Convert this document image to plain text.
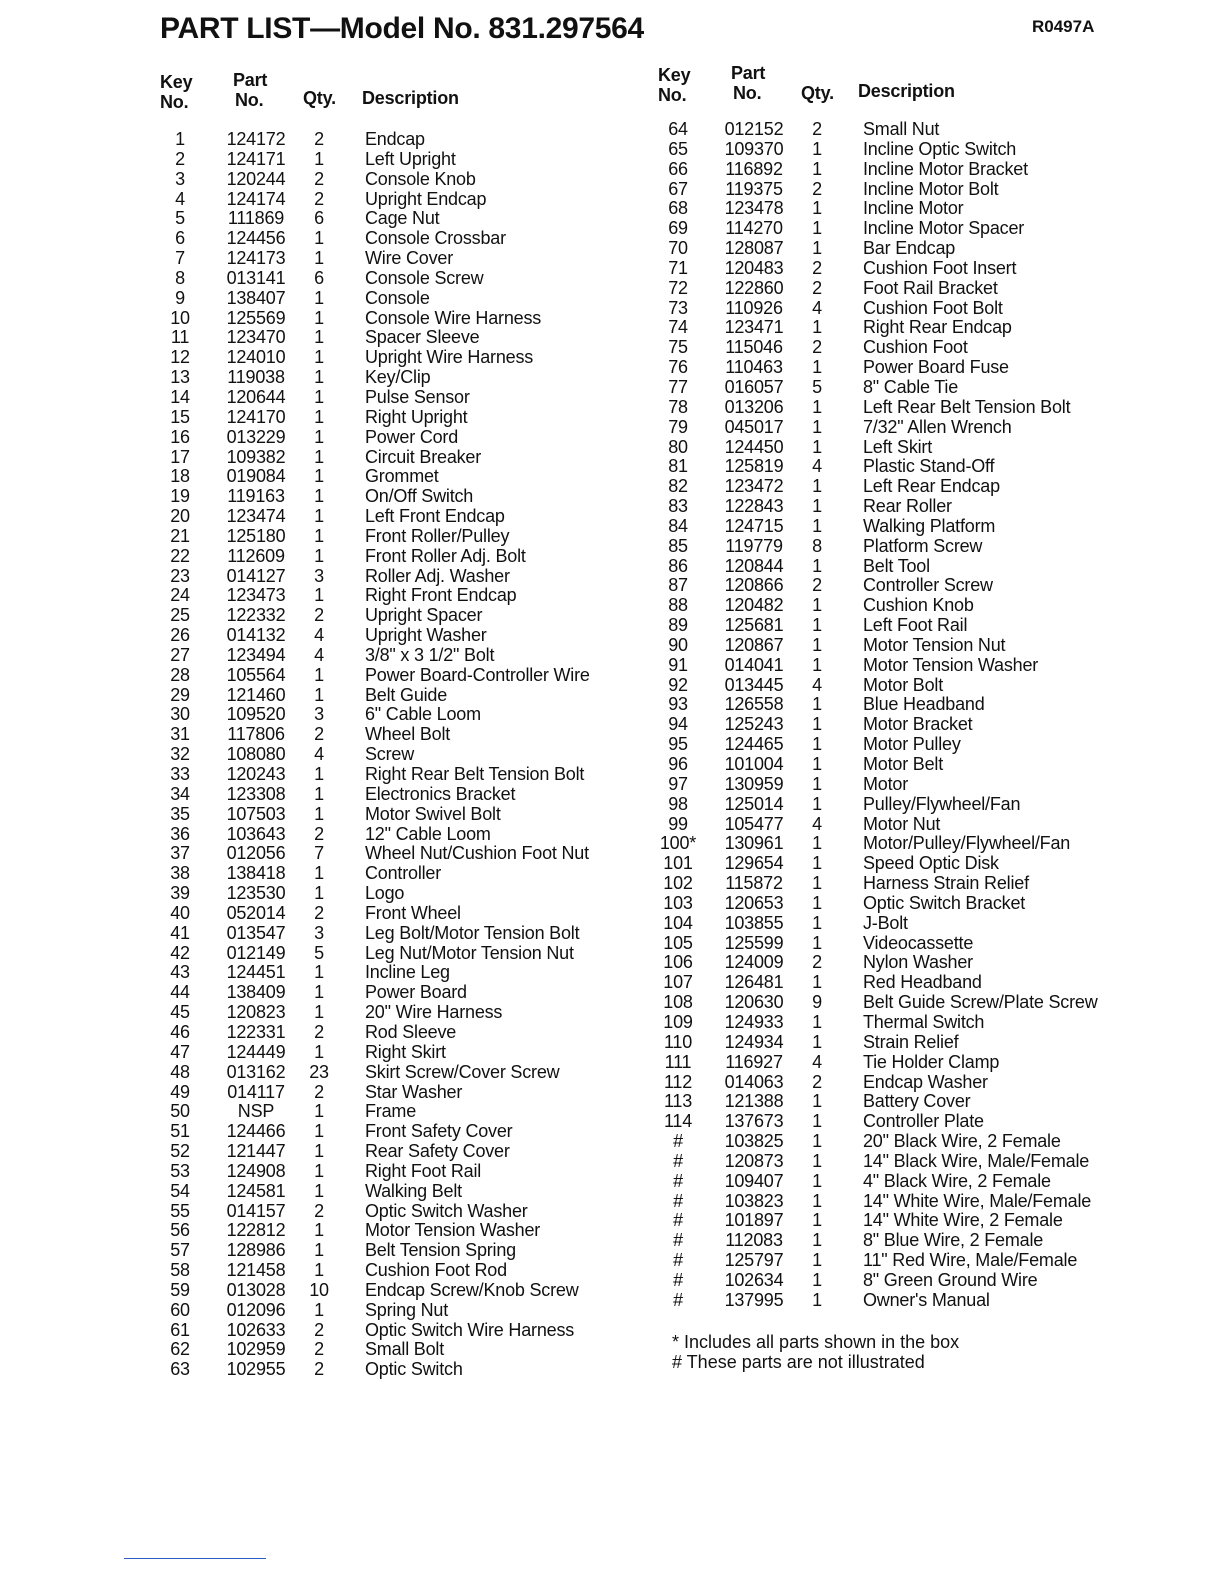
PART LIST—Model No. 831.297564	R0497A
Key
No.
Part
No. Qty. Description
1	124172	2	Endcap
2	124171	1	Left Upright
3	120244	2	Console Knob
4	124174	2	Upright Endcap
5	111869	6	Cage Nut
6	124456	1	Console Crossbar
7	124173	1	Wire Cover
8	013141	6	Console Screw
9	138407	1	Console
10	125569	1	Console Wire Harness
11	123470	1	Spacer Sleeve
12	124010	1	Upright Wire Harness
13	119038	1	Key/Clip
14	120644	1	Pulse Sensor
15	124170	1	Right Upright
16	013229	1	Power Cord
17	109382	1	Circuit Breaker
18	019084	1	Grommet
19	119163	1	On/Off Switch
20	123474	1	Left Front Endcap
21	125180	1	Front Roller/Pulley
22	112609	1	Front Roller Adj. Bolt
23	014127	3	Roller Adj. Washer
24	123473	1	Right Front Endcap
25	122332	2	Upright Spacer
26	014132	4	Upright Washer
27	123494	4	3/8" x 3 1/2" Bolt
28	105564	1	Power Board-Controller Wire
29	121460	1	Belt Guide
30	109520	3	6" Cable Loom
31	117806	2	Wheel Bolt
32	108080	4	Screw
33	120243	1	Right Rear Belt Tension Bolt
34	123308	1	Electronics Bracket
35	107503	1	Motor Swivel Bolt
36	103643	2	12" Cable Loom
37	012056	7	Wheel Nut/Cushion Foot Nut
38	138418	1	Controller
39	123530	1	Logo
40	052014	2	Front Wheel
41	013547	3	Leg Bolt/Motor Tension Bolt
42	012149	5	Leg Nut/Motor Tension Nut
43	124451	1	Incline Leg
44	138409	1	Power Board
45	120823	1	20" Wire Harness
46	122331	2	Rod Sleeve
47	124449	1	Right Skirt
48	013162	23 Skirt Screw/Cover Screw
49	014117	2	Star Washer
50	NSP	1	Frame
51	124466	1	Front Safety Cover
52	121447	1	Rear Safety Cover
53	124908	1	Right Foot Rail
54	124581	1	Walking Belt
55	014157	2	Optic Switch Washer
56	122812	1	Motor Tension Washer
57	128986	1	Belt Tension Spring
58	121458	1	Cushion Foot Rod
59	013028	10 Endcap Screw/Knob Screw
60	012096	1	Spring Nut
61	102633	2	Optic Switch Wire Harness
62	102959	2	Small Bolt
63	102955	2	Optic Switch
Key
No.
Part
No. Qty. Description
64	012152	2	Small Nut
65	109370	1	Incline Optic Switch
66	116892	1	Incline Motor Bracket
67	119375	2	Incline Motor Bolt
68	123478	1	Incline Motor
69	114270	1	Incline Motor Spacer
70	128087	1	Bar Endcap
71	120483	2	Cushion Foot Insert
72	122860	2	Foot Rail Bracket
73	110926	4	Cushion Foot Bolt
74	123471	1	Right Rear Endcap
75	115046	2	Cushion Foot
76	110463	1	Power Board Fuse
77	016057	5	8" Cable Tie
78	013206	1	Left Rear Belt Tension Bolt
79	045017	1	7/32" Allen Wrench
80	124450	1	Left Skirt
81	125819	4	Plastic Stand-Off
82	123472	1	Left Rear Endcap
83	122843	1	Rear Roller
84	124715	1	Walking Platform
85	119779	8	Platform Screw
86	120844	1	Belt Tool
87	120866	2	Controller Screw
88	120482	1	Cushion Knob
89	125681	1	Left Foot Rail
90	120867	1	Motor Tension Nut
91	014041	1	Motor Tension Washer
92	013445	4	Motor Bolt
93	126558	1	Blue Headband
94	125243	1	Motor Bracket
95	124465	1	Motor Pulley
96	101004	1	Motor Belt
97	130959	1	Motor
98	125014	1	Pulley/Flywheel/Fan
99	105477	4	Motor Nut
100*	130961	1	Motor/Pulley/Flywheel/Fan
101	129654	1	Speed Optic Disk
102	115872	1	Harness Strain Relief
103	120653	1	Optic Switch Bracket
104	103855	1	J-Bolt
105	125599	1	Videocassette
106	124009	2	Nylon Washer
107	126481	1	Red Headband
108	120630	9	Belt Guide Screw/Plate Screw
109	124933	1	Thermal Switch
110	124934	1	Strain Relief
111	116927	4	Tie Holder Clamp
112	014063	2	Endcap Washer
113	121388	1	Battery Cover
114	137673	1	Controller Plate
#	103825	1	20" Black Wire, 2 Female
#	120873	1	14" Black Wire, Male/Female
#	109407	1	4" Black Wire, 2 Female
#	103823	1	14" White Wire, Male/Female
#	101897	1	14" White Wire, 2 Female
#	112083	1	8" Blue Wire, 2 Female
#	125797	1	11" Red Wire, Male/Female
#	102634	1	8" Green Ground Wire
#	137995	1	Owner's Manual
* Includes all parts shown in the box
# These parts are not illustrated
